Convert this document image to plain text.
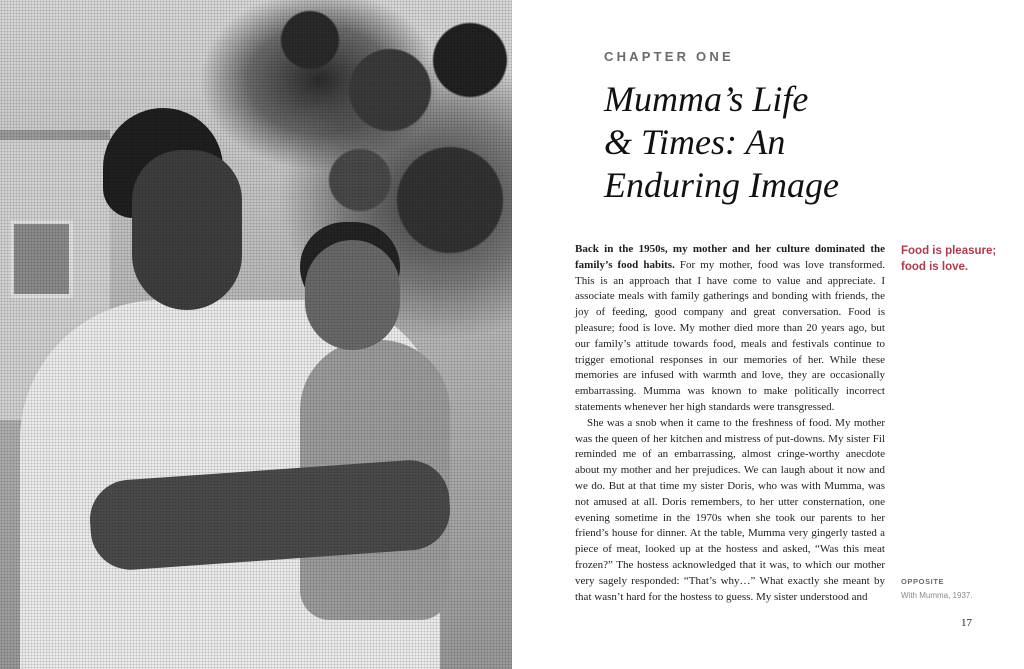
CHAPTER ONE
Mumma’s Life
& Times: An
Enduring Image

Back in the 1950s, my mother and her culture dominated the family’s food habits. For my mother, food was love transformed. This is an approach that I have come to value and appreciate. I associate meals with family gatherings and bonding with friends, the joy of feeding, good company and great conversation. Food is pleasure; food is love. My mother died more than 20 years ago, but our family’s attitude towards food, meals and festivals continue to trigger emotional responses in our memories of her. While these memories are infused with warmth and love, they are occasionally embarrassing. Mumma was known to make politically incorrect statements whenever her high standards were transgressed.

She was a snob when it came to the freshness of food. My mother was the queen of her kitchen and mistress of put-downs. My sister Fil reminded me of an embarrassing, almost cringe-worthy anecdote about my mother and her prejudices. We can laugh about it now and we do. But at that time my sister Doris, who was with Mumma, was not amused at all. Doris remembers, to her utter consternation, one evening sometime in the 1970s when she took our parents to her friend’s house for dinner. At the table, Mumma very gingerly tasted a piece of meat, looked up at the hostess and asked, “Was this meat frozen?” The hostess acknowledged that it was, to which our mother very sagely responded: “That’s why…” What exactly she meant by that wasn’t hard for the hostess to guess. My sister understood and

Food is pleasure;
food is love.
OPPOSITE
With Mumma, 1937.
17
